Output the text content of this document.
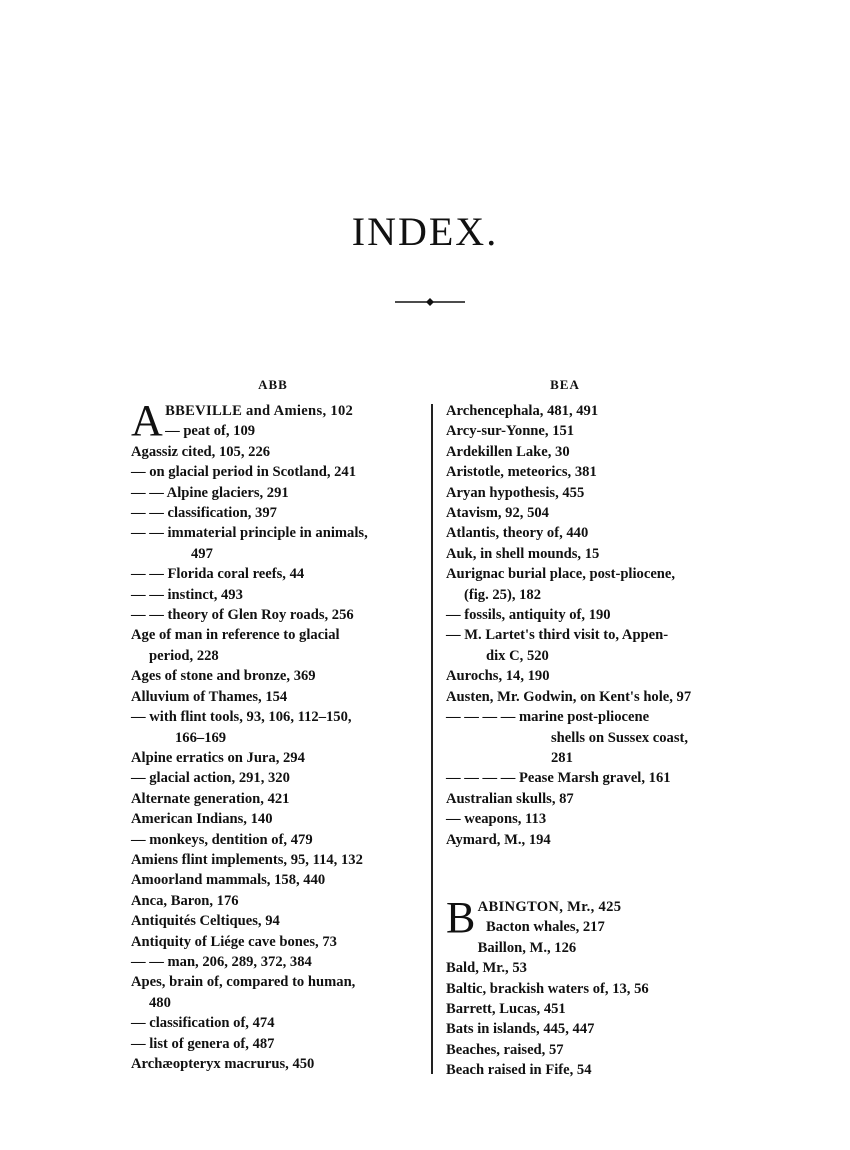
INDEX.
ABB	BEA
A BBEVILLE and Amiens, 102
— peat of, 109
Agassiz cited, 105, 226
— on glacial period in Scotland, 241
— — Alpine glaciers, 291
— — classification, 397
— — immaterial principle in animals,
497
— — Florida coral reefs, 44
— — instinct, 493
— — theory of Glen Roy roads, 256
Age of man in reference to glacial
period, 228
Ages of stone and bronze, 369
Alluvium of Thames, 154
— with flint tools, 93, 106, 112–150,
166–169
Alpine erratics on Jura, 294
— glacial action, 291, 320
Alternate generation, 421
American Indians, 140
— monkeys, dentition of, 479
Amiens flint implements, 95, 114, 132
Amoorland mammals, 158, 440
Anca, Baron, 176
Antiquités Celtiques, 94
Antiquity of Liége cave bones, 73
— — man, 206, 289, 372, 384
Apes, brain of, compared to human,
480
— classification of, 474
— list of genera of, 487
Archæopteryx macrurus, 450
Archencephala, 481, 491
Arcy-sur-Yonne, 151
Ardekillen Lake, 30
Aristotle, meteorics, 381
Aryan hypothesis, 455
Atavism, 92, 504
Atlantis, theory of, 440
Auk, in shell mounds, 15
Aurignac burial place, post-pliocene,
(fig. 25), 182
— fossils, antiquity of, 190
— M. Lartet's third visit to, Appen-
dix C, 520
Aurochs, 14, 190
Austen, Mr. Godwin, on Kent's hole, 97
— — — — marine post-pliocene
shells on Sussex coast,
281
— — — — Pease Marsh gravel, 161
Australian skulls, 87
— weapons, 113
Aymard, M., 194
B ABINGTON, Mr., 425
Bacton whales, 217
Baillon, M., 126
Bald, Mr., 53
Baltic, brackish waters of, 13, 56
Barrett, Lucas, 451
Bats in islands, 445, 447
Beaches, raised, 57
Beach raised in Fife, 54
